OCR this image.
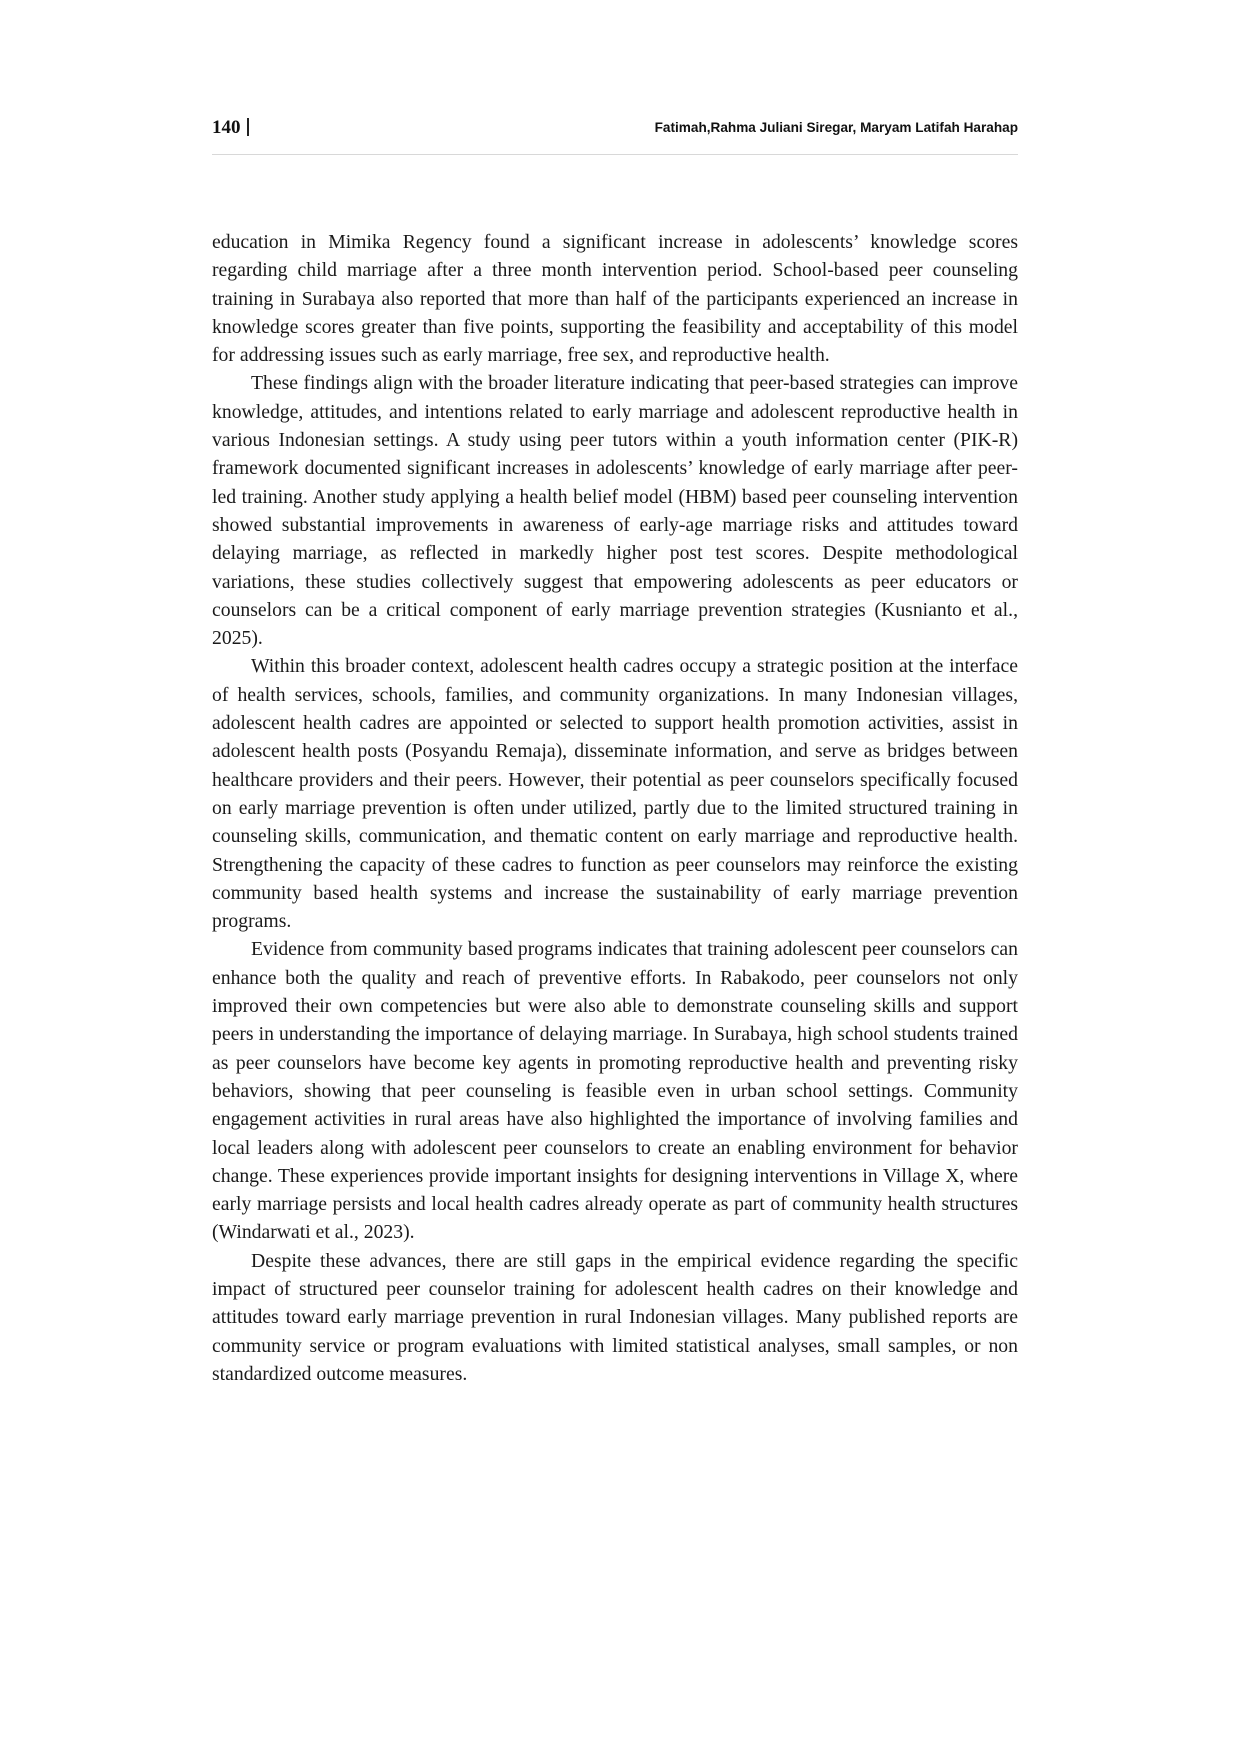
140	Fatimah,Rahma Juliani Siregar, Maryam Latifah Harahap

education in Mimika Regency found a significant increase in adolescents’ knowledge scores regarding child marriage after a three month intervention period. School-based peer counseling training in Surabaya also reported that more than half of the participants experienced an increase in knowledge scores greater than five points, supporting the feasibility and acceptability of this model for addressing issues such as early marriage, free sex, and reproductive health.

These findings align with the broader literature indicating that peer-based strategies can improve knowledge, attitudes, and intentions related to early marriage and adolescent reproductive health in various Indonesian settings. A study using peer tutors within a youth information center (PIK-R) framework documented significant increases in adolescents’ knowledge of early marriage after peer-led training. Another study applying a health belief model (HBM) based peer counseling intervention showed substantial improvements in awareness of early-age marriage risks and attitudes toward delaying marriage, as reflected in markedly higher post test scores. Despite methodological variations, these studies collectively suggest that empowering adolescents as peer educators or counselors can be a critical component of early marriage prevention strategies (Kusnianto et al., 2025).

Within this broader context, adolescent health cadres occupy a strategic position at the interface of health services, schools, families, and community organizations. In many Indonesian villages, adolescent health cadres are appointed or selected to support health promotion activities, assist in adolescent health posts (Posyandu Remaja), disseminate information, and serve as bridges between healthcare providers and their peers. However, their potential as peer counselors specifically focused on early marriage prevention is often under utilized, partly due to the limited structured training in counseling skills, communication, and thematic content on early marriage and reproductive health. Strengthening the capacity of these cadres to function as peer counselors may reinforce the existing community based health systems and increase the sustainability of early marriage prevention programs.

Evidence from community based programs indicates that training adolescent peer counselors can enhance both the quality and reach of preventive efforts. In Rabakodo, peer counselors not only improved their own competencies but were also able to demonstrate counseling skills and support peers in understanding the importance of delaying marriage. In Surabaya, high school students trained as peer counselors have become key agents in promoting reproductive health and preventing risky behaviors, showing that peer counseling is feasible even in urban school settings. Community engagement activities in rural areas have also highlighted the importance of involving families and local leaders along with adolescent peer counselors to create an enabling environment for behavior change. These experiences provide important insights for designing interventions in Village X, where early marriage persists and local health cadres already operate as part of community health structures (Windarwati et al., 2023).

Despite these advances, there are still gaps in the empirical evidence regarding the specific impact of structured peer counselor training for adolescent health cadres on their knowledge and attitudes toward early marriage prevention in rural Indonesian villages. Many published reports are community service or program evaluations with limited statistical analyses, small samples, or non standardized outcome measures.
